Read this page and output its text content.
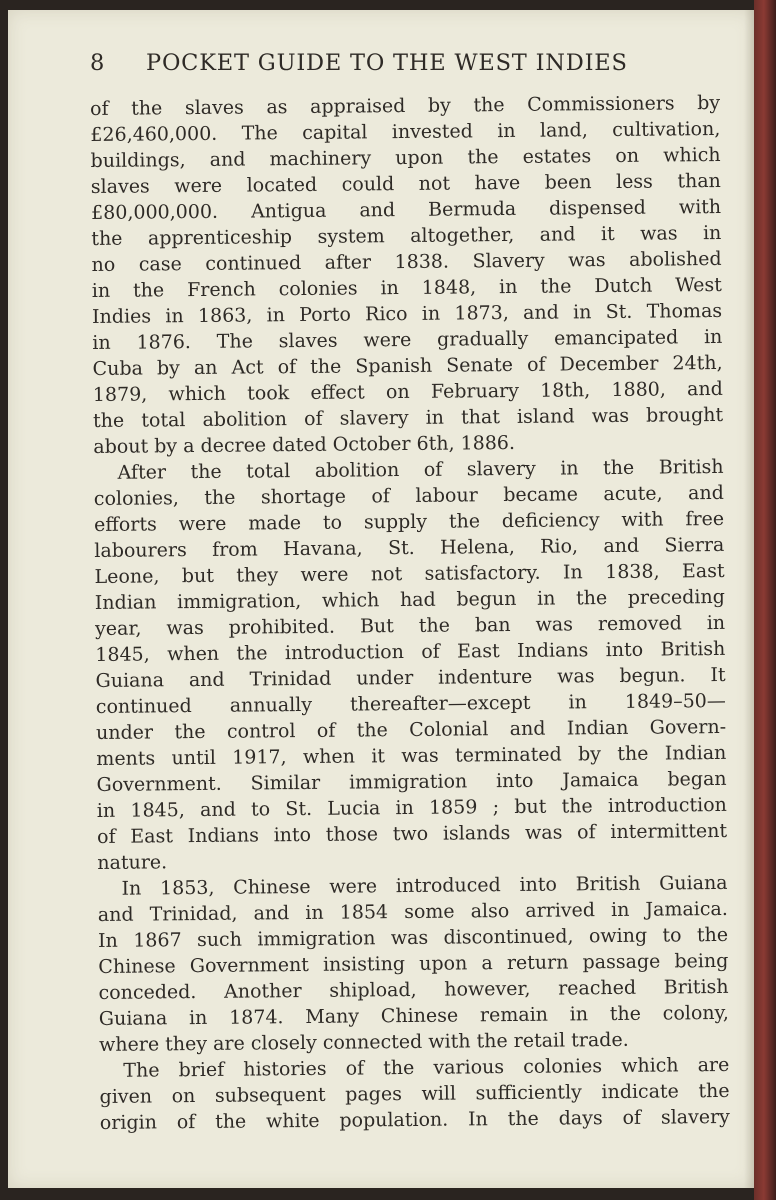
8	POCKET GUIDE TO THE WEST INDIES
of the slaves as appraised by the Commissioners by
£26,460,000. The capital invested in land, cultivation,
buildings, and machinery upon the estates on which
slaves were located could not have been less than
£80,000,000. Antigua and Bermuda dispensed with
the apprenticeship system altogether, and it was in
no case continued after 1838. Slavery was abolished
in the French colonies in 1848, in the Dutch West
Indies in 1863, in Porto Rico in 1873, and in St. Thomas
in 1876. The slaves were gradually emancipated in
Cuba by an Act of the Spanish Senate of December 24th,
1879, which took effect on February 18th, 1880, and
the total abolition of slavery in that island was brought
about by a decree dated October 6th, 1886.
After the total abolition of slavery in the British
colonies, the shortage of labour became acute, and
efforts were made to supply the deficiency with free
labourers from Havana, St. Helena, Rio, and Sierra
Leone, but they were not satisfactory. In 1838, East
Indian immigration, which had begun in the preceding
year, was prohibited. But the ban was removed in
1845, when the introduction of East Indians into British
Guiana and Trinidad under indenture was begun. It
continued annually thereafter—except in 1849–50—
under the control of the Colonial and Indian Govern-
ments until 1917, when it was terminated by the Indian
Government. Similar immigration into Jamaica began
in 1845, and to St. Lucia in 1859 ; but the introduction
of East Indians into those two islands was of intermittent
nature.
In 1853, Chinese were introduced into British Guiana
and Trinidad, and in 1854 some also arrived in Jamaica.
In 1867 such immigration was discontinued, owing to the
Chinese Government insisting upon a return passage being
conceded. Another shipload, however, reached British
Guiana in 1874. Many Chinese remain in the colony,
where they are closely connected with the retail trade.
The brief histories of the various colonies which are
given on subsequent pages will sufficiently indicate the
origin of the white population. In the days of slavery
